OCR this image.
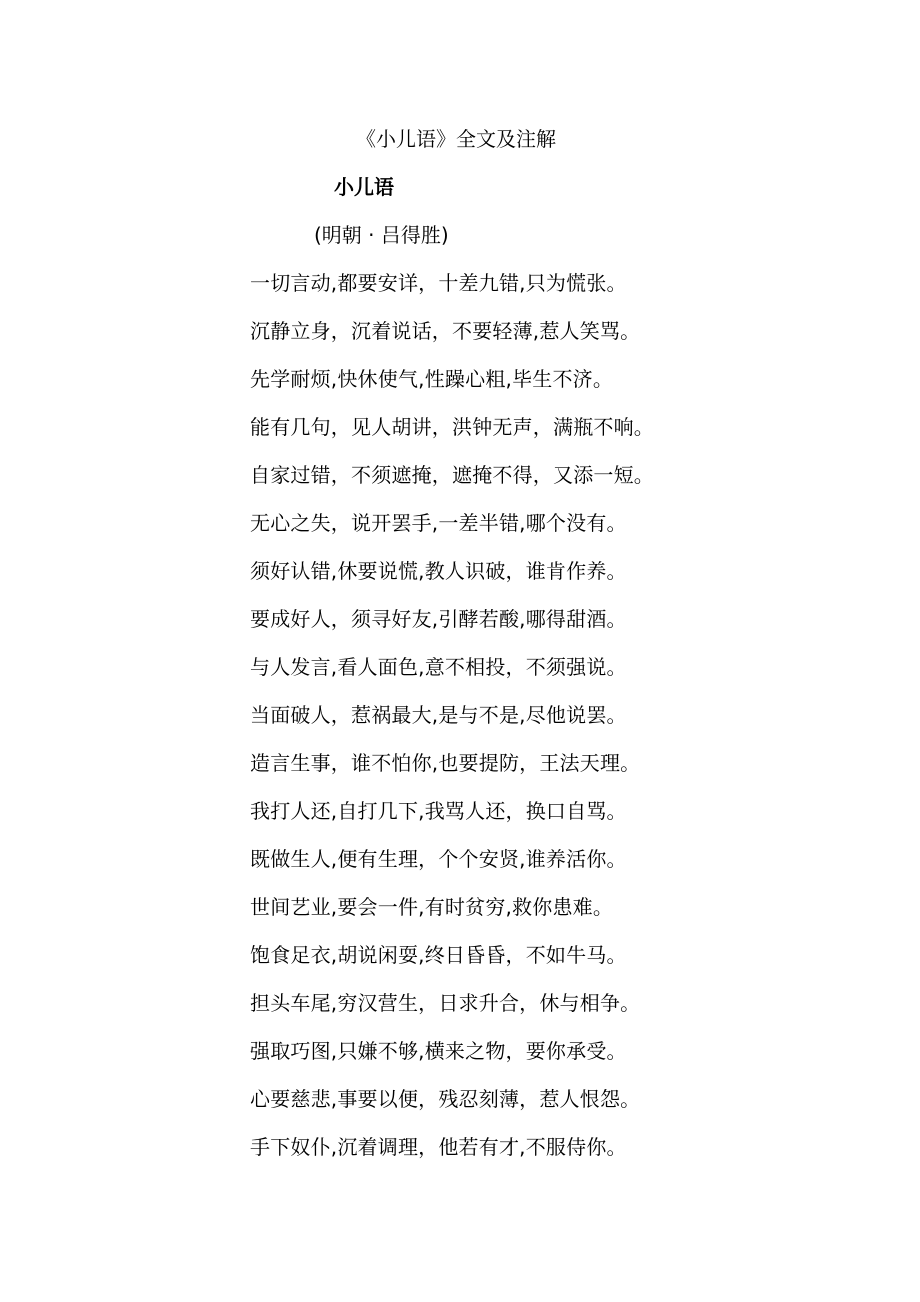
《小儿语》全文及注解
小儿语
(明朝 · 吕得胜)
一切言动,都要安详，十差九错,只为慌张。
沉静立身，沉着说话，不要轻薄,惹人笑骂。
先学耐烦,快休使气,性躁心粗,毕生不济。
能有几句，见人胡讲，洪钟无声，满瓶不响。
自家过错，不须遮掩，遮掩不得，又添一短。
无心之失，说开罢手,一差半错,哪个没有。
须好认错,休要说慌,教人识破，谁肯作养。
要成好人，须寻好友,引酵若酸,哪得甜酒。
与人发言,看人面色,意不相投，不须强说。
当面破人，惹祸最大,是与不是,尽他说罢。
造言生事，谁不怕你,也要提防，王法天理。
我打人还,自打几下,我骂人还，换口自骂。
既做生人,便有生理，个个安贤,谁养活你。
世间艺业,要会一件,有时贫穷,救你患难。
饱食足衣,胡说闲耍,终日昏昏，不如牛马。
担头车尾,穷汉营生，日求升合，休与相争。
强取巧图,只嫌不够,横来之物，要你承受。
心要慈悲,事要以便，残忍刻薄，惹人恨怨。
手下奴仆,沉着调理，他若有才,不服侍你。
